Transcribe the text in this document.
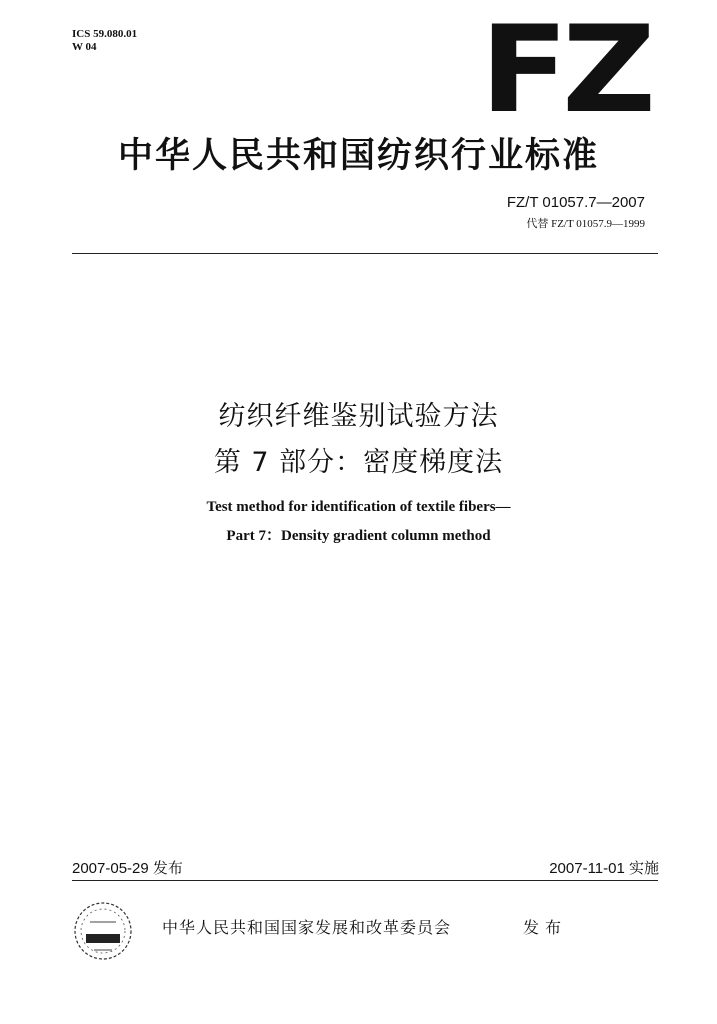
ICS 59.080.01
W 04	FZ
中华人民共和国纺织行业标准
FZ/T 01057.7—2007
代替 FZ/T 01057.9—1999
纺织纤维鉴别试验方法
第 7 部分：密度梯度法
Test method for identification of textile fibers—
Part 7：Density gradient column method
2007-05-29 发布	2007-11-01 实施
中华人民共和国国家发展和改革委员会	发布
